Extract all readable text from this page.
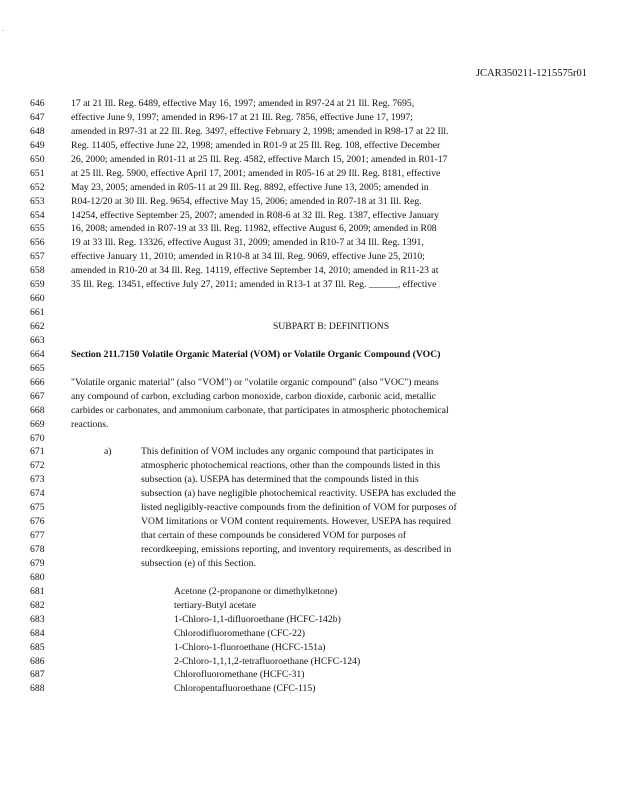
JCAR350211-1215575r01
646
647
648
649
650
651
652
653
654
655
656
657
658
659
660
661
662
663
664
665
666
667
668
669
670
671
672
673
674
675
676
677
678
679
680
681
682
683
684
685
686
687
688
17 at 21 Ill. Reg. 6489, effective May 16, 1997; amended in R97-24 at 21 Ill. Reg. 7695,
effective June 9, 1997; amended in R96-17 at 21 Ill. Reg. 7856, effective June 17, 1997;
amended in R97-31 at 22 Ill. Reg. 3497, effective February 2, 1998; amended in R98-17 at 22 Ill.
Reg. 11405, effective June 22, 1998; amended in R01-9 at 25 Ill. Reg. 108, effective December
26, 2000; amended in R01-11 at 25 Ill. Reg. 4582, effective March 15, 2001; amended in R01-17
at 25 Ill. Reg. 5900, effective April 17, 2001; amended in R05-16 at 29 Ill. Reg. 8181, effective
May 23, 2005; amended in R05-11 at 29 Ill. Reg. 8892, effective June 13, 2005; amended in
R04-12/20 at 30 Ill. Reg. 9654, effective May 15, 2006; amended in R07-18 at 31 Ill. Reg.
14254, effective September 25, 2007; amended in R08-6 at 32 Ill. Reg. 1387, effective January
16, 2008; amended in R07-19 at 33 Ill. Reg. 11982, effective August 6, 2009; amended in R08
19 at 33 Ill. Reg. 13326, effective August 31, 2009; amended in R10-7 at 34 Ill. Reg. 1391,
effective January 11, 2010; amended in R10-8 at 34 Ill. Reg. 9069, effective June 25, 2010;
amended in R10-20 at 34 Ill. Reg. 14119, effective September 14, 2010; amended in R11-23 at
35 Ill. Reg. 13451, effective July 27, 2011; amended in R13-1 at 37 Ill. Reg. ______, effective
SUBPART B: DEFINITIONS
Section 211.7150 Volatile Organic Material (VOM) or Volatile Organic Compound (VOC)
"Volatile organic material" (also "VOM") or "volatile organic compound" (also "VOC") means
any compound of carbon, excluding carbon monoxide, carbon dioxide, carbonic acid, metallic
carbides or carbonates, and ammonium carbonate, that participates in atmospheric photochemical
reactions.
a)	This definition of VOM includes any organic compound that participates in
atmospheric photochemical reactions, other than the compounds listed in this
subsection (a). USEPA has determined that the compounds listed in this
subsection (a) have negligible photochemical reactivity. USEPA has excluded the
listed negligibly-reactive compounds from the definition of VOM for purposes of
VOM limitations or VOM content requirements. However, USEPA has required
that certain of these compounds be considered VOM for purposes of
recordkeeping, emissions reporting, and inventory requirements, as described in
subsection (e) of this Section.
Acetone (2-propanone or dimethylketone)
tertiary-Butyl acetate
1-Chloro-1,1-difluoroethane (HCFC-142b)
Chlorodifluoromethane (CFC-22)
1-Chloro-1-fluoroethane (HCFC-151a)
2-Chloro-1,1,1,2-tetrafluoroethane (HCFC-124)
Chlorofluoromethane (HCFC-31)
Chloropentafluoroethane (CFC-115)
